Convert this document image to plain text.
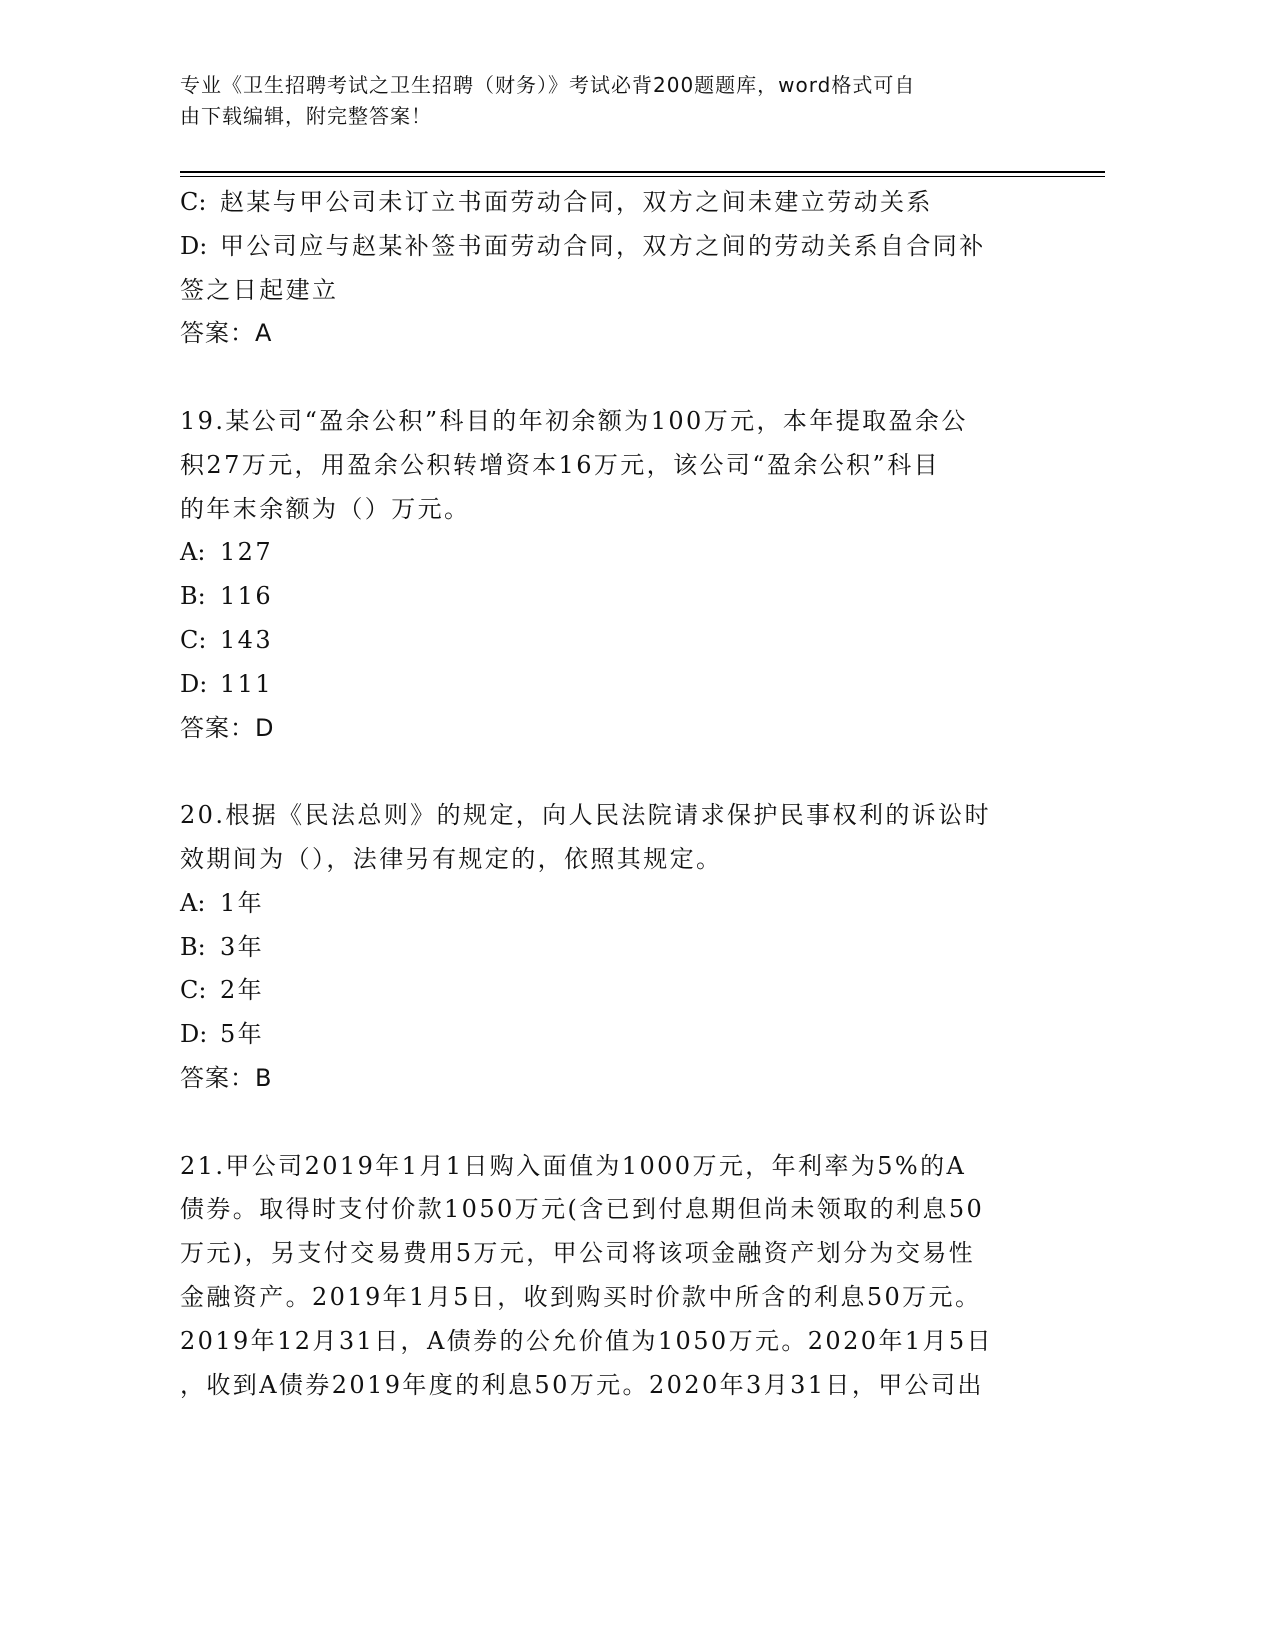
专业《卫生招聘考试之卫生招聘（财务）》考试必背200题题库，word格式可自
由下载编辑，附完整答案！
C: 赵某与甲公司未订立书面劳动合同，双方之间未建立劳动关系
D: 甲公司应与赵某补签书面劳动合同，双方之间的劳动关系自合同补
签之日起建立
答案：A
19.某公司“盈余公积”科目的年初余额为100万元，本年提取盈余公
积27万元，用盈余公积转增资本16万元，该公司“盈余公积”科目
的年末余额为（）万元。
A: 127
B: 116
C: 143
D: 111
答案：D
20.根据《民法总则》的规定，向人民法院请求保护民事权利的诉讼时
效期间为（），法律另有规定的，依照其规定。
A: 1年
B: 3年
C: 2年
D: 5年
答案：B
21.甲公司2019年1月1日购入面值为1000万元，年利率为5%的A
债券。取得时支付价款1050万元(含已到付息期但尚未领取的利息50
万元)，另支付交易费用5万元，甲公司将该项金融资产划分为交易性
金融资产。2019年1月5日，收到购买时价款中所含的利息50万元。
2019年12月31日，A债券的公允价值为1050万元。2020年1月5日
，收到A债券2019年度的利息50万元。2020年3月31日，甲公司出
